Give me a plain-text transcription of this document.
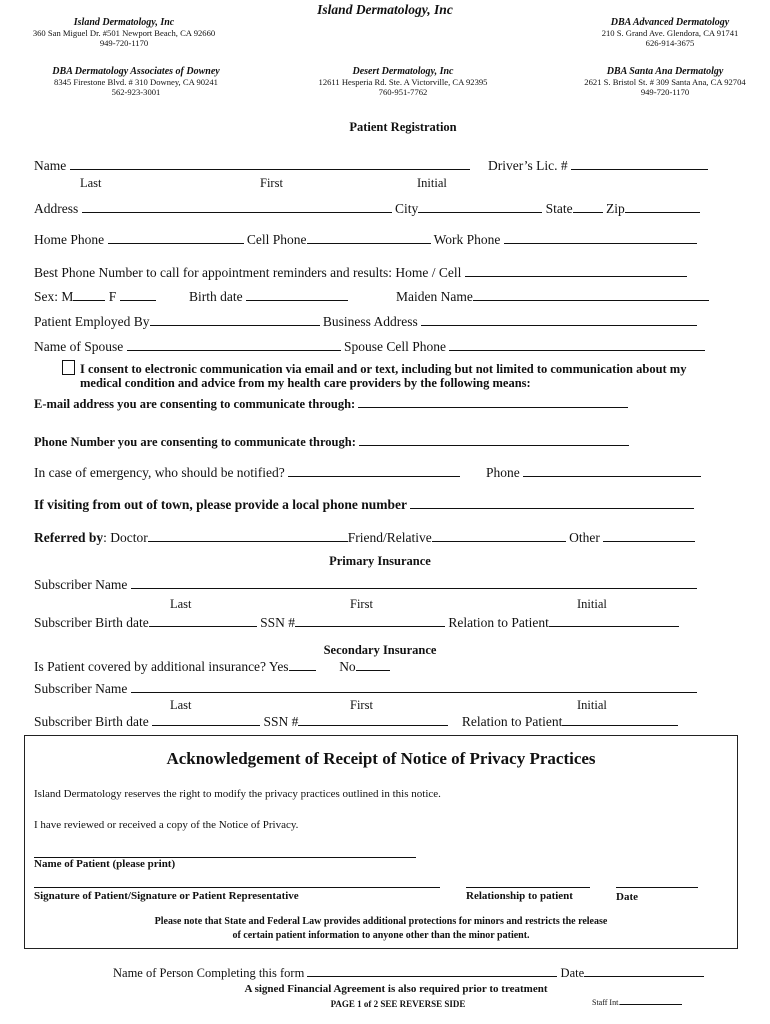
Island Dermatology, Inc
Island Dermatology, Inc
360 San Miguel Dr. #501 Newport Beach, CA 92660
949-720-1170
DBA Advanced Dermatology
210 S. Grand Ave. Glendora, CA 91741
626-914-3675
DBA Dermatology Associates of Downey
8345 Firestone Blvd. # 310 Downey, CA 90241
562-923-3001
Desert Dermatology, Inc
12611 Hesperia Rd. Ste. A Victorville, CA 92395
760-951-7762
DBA Santa Ana Dermatolgy
2621 S. Bristol St. # 309 Santa Ana, CA 92704
949-720-1170
Patient Registration
Name	Driver’s Lic. #
Last	First	Initial
Address	City	State Zip
Home Phone	Cell Phone	Work Phone
Best Phone Number to call for appointment reminders and results: Home / Cell
Sex: M	F	Birth date	Maiden Name
Patient Employed By	Business Address
Name of Spouse	Spouse Cell Phone
I consent to electronic communication via email and or text, including but not limited to communication about my
medical condition and advice from my health care providers by the following means:
E-mail address you are consenting to communicate through:
Phone Number you are consenting to communicate through:
In case of emergency, who should be notified?	Phone
If visiting from out of town, please provide a local phone number
Referred by: Doctor	Friend/Relative	Other
Primary Insurance
Subscriber Name
Last	First	Initial
Subscriber Birth date	SSN #	Relation to Patient
Secondary Insurance
Is Patient covered by additional insurance? Yes	No
Subscriber Name
Last	First	Initial
Subscriber Birth date	SSN #	Relation to Patient
Acknowledgement of Receipt of Notice of Privacy Practices
Island Dermatology reserves the right to modify the privacy practices outlined in this notice.
I have reviewed or received a copy of the Notice of Privacy.
Name of Patient (please print)
Signature of Patient/Signature or Patient Representative	Relationship to patient	Date
Please note that State and Federal Law provides additional protections for minors and restricts the release
of certain patient information to anyone other than the minor patient.
Name of Person Completing this form	Date
A signed Financial Agreement is also required prior to treatment
PAGE 1 of 2 SEE REVERSE SIDE	Staff Int.
